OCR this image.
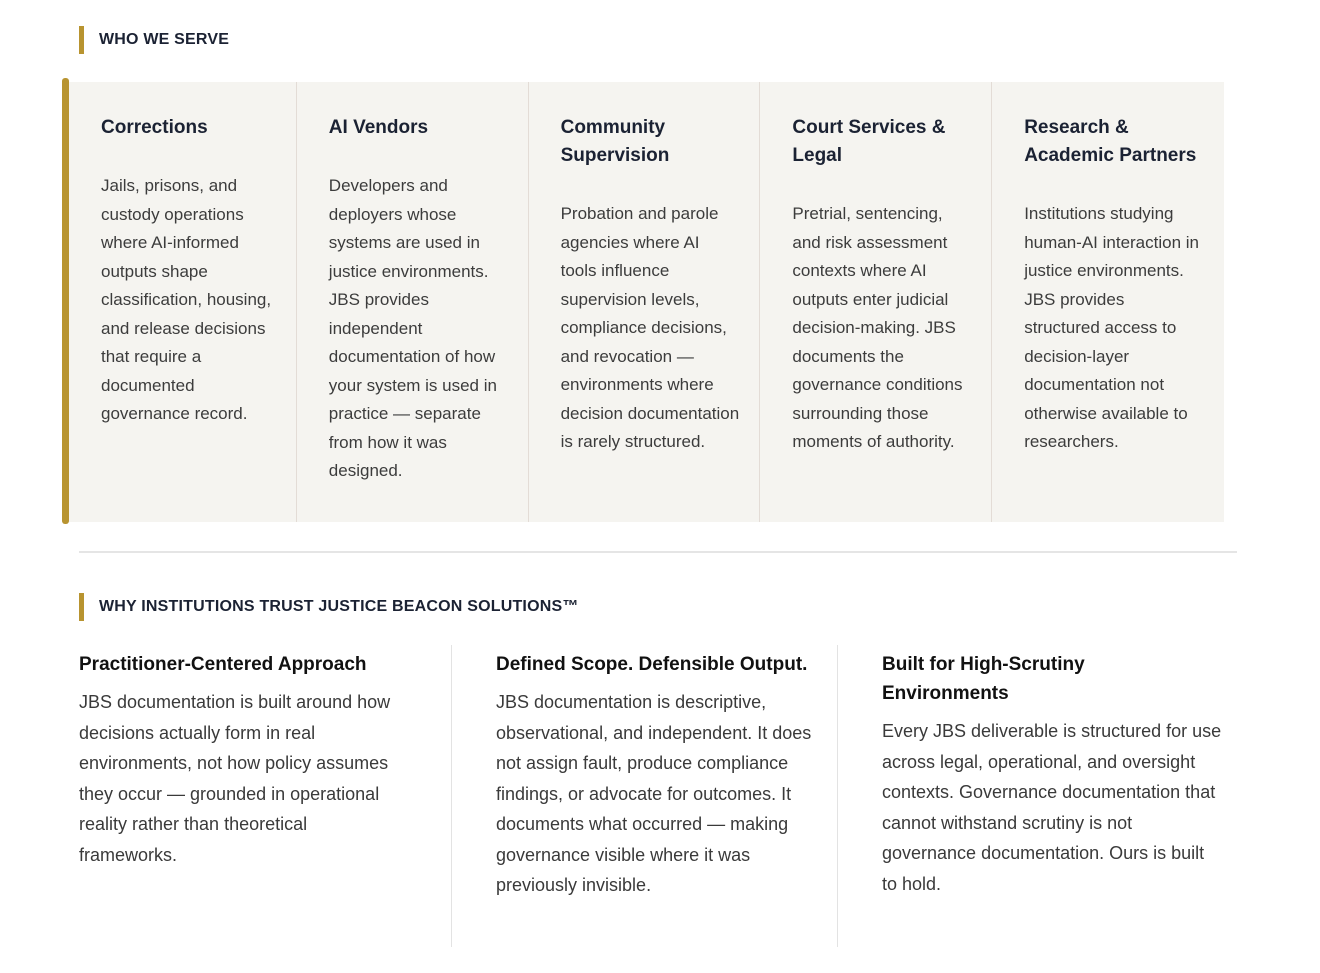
WHO WE SERVE
Corrections

Jails, prisons, and custody operations where AI-informed outputs shape classification, housing, and release decisions that require a documented governance record.

AI Vendors

Developers and deployers whose systems are used in justice environments. JBS provides independent documentation of how your system is used in practice — separate from how it was designed.

Community Supervision

Probation and parole agencies where AI tools influence supervision levels, compliance decisions, and revocation — environments where decision documentation is rarely structured.

Court Services & Legal

Pretrial, sentencing, and risk assessment contexts where AI outputs enter judicial decision-making. JBS documents the governance conditions surrounding those moments of authority.

Research & Academic Partners

Institutions studying human-AI interaction in justice environments. JBS provides structured access to decision-layer documentation not otherwise available to researchers.

WHY INSTITUTIONS TRUST JUSTICE BEACON SOLUTIONS™
Practitioner-Centered Approach

JBS documentation is built around how decisions actually form in real environments, not how policy assumes they occur — grounded in operational reality rather than theoretical frameworks.

Defined Scope. Defensible Output.

JBS documentation is descriptive, observational, and independent. It does not assign fault, produce compliance findings, or advocate for outcomes. It documents what occurred — making governance visible where it was previously invisible.

Built for High-Scrutiny Environments

Every JBS deliverable is structured for use across legal, operational, and oversight contexts. Governance documentation that cannot withstand scrutiny is not governance documentation. Ours is built to hold.
